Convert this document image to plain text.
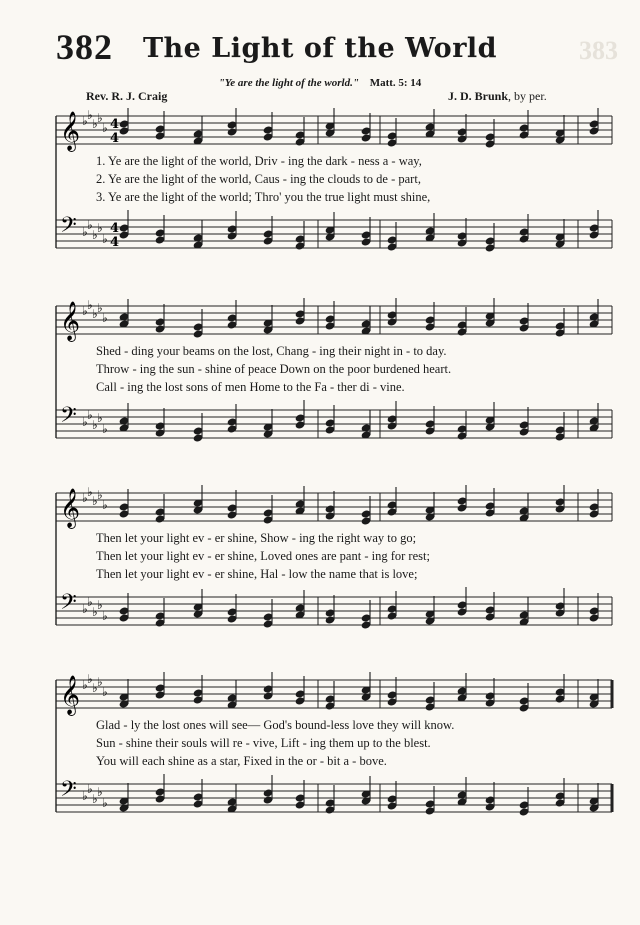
382	The Light of the World	383
"Ye are the light of the world." Matt. 5: 14
Rev. R. J. Craig	J. D. Brunk, by per.
𝄞 ♭ ♭
♭ ♭
♭ 4
4
𝄢 ♭ ♭
♭ ♭
♭
4
4
1. Ye are the light of the world, Driv - ing the dark - ness a - way,
2. Ye are the light of the world, Caus - ing the clouds to de - part,
3. Ye are the light of the world; Thro' you the true light must shine,
𝄞 ♭ ♭
♭ ♭
♭
𝄢 ♭ ♭
♭ ♭
♭
Shed - ding your beams on the lost, Chang - ing their night in - to day.
Throw - ing the sun - shine of peace Down on the poor burdened heart.
Call - ing the lost sons of men Home to the Fa - ther di - vine.
𝄞 ♭ ♭
♭ ♭
♭
𝄢 ♭ ♭
♭ ♭
♭
Then let your light ev - er shine, Show - ing the right way to go;
Then let your light ev - er shine, Loved ones are pant - ing for rest;
Then let your light ev - er shine, Hal - low the name that is love;
𝄞 ♭ ♭
♭ ♭
♭
𝄢 ♭ ♭
♭ ♭
♭
Glad - ly the lost ones will see— God's bound-less love they will know.
Sun - shine their souls will re - vive, Lift - ing them up to the blest.
You will each shine as a star, Fixed in the or - bit a - bove.
